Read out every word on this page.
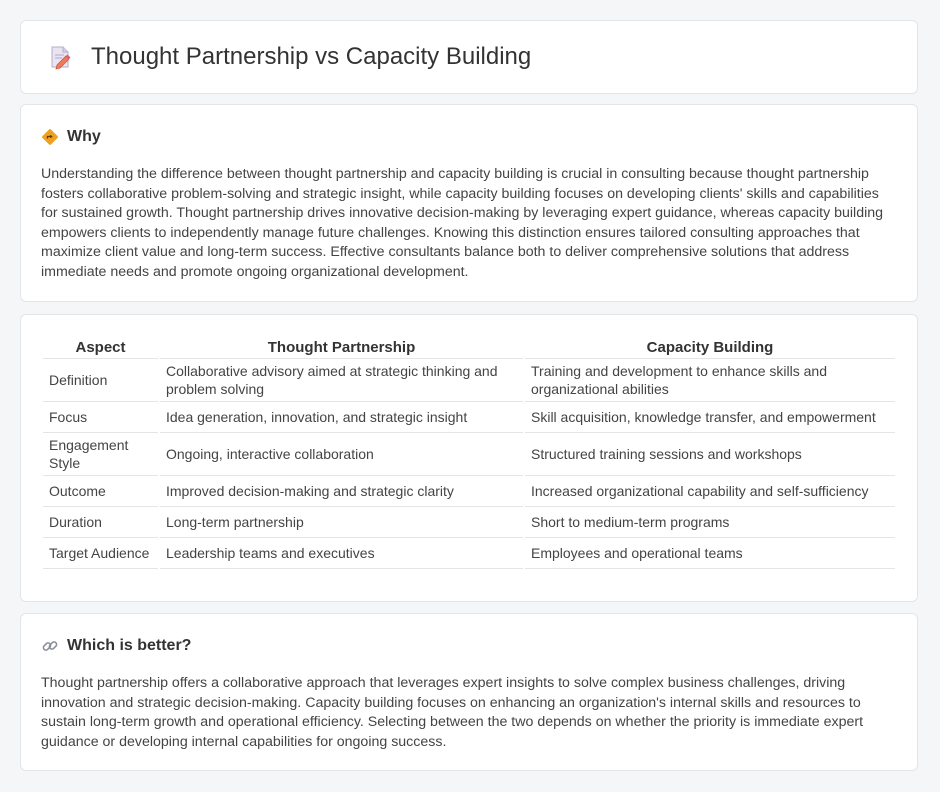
Thought Partnership vs Capacity Building
Why

Understanding the difference between thought partnership and capacity building is crucial in consulting because thought partnership fosters collaborative problem-solving and strategic insight, while capacity building focuses on developing clients' skills and capabilities for sustained growth. Thought partnership drives innovative decision-making by leveraging expert guidance, whereas capacity building empowers clients to independently manage future challenges. Knowing this distinction ensures tailored consulting approaches that maximize client value and long-term success. Effective consultants balance both to deliver comprehensive solutions that address immediate needs and promote ongoing organizational development.

Aspect	Thought Partnership	Capacity Building
Definition	Collaborative advisory aimed at strategic thinking and problem solving	Training and development to enhance skills and organizational abilities
Focus	Idea generation, innovation, and strategic insight	Skill acquisition, knowledge transfer, and empowerment
Engagement Style	Ongoing, interactive collaboration	Structured training sessions and workshops
Outcome	Improved decision-making and strategic clarity	Increased organizational capability and self-sufficiency
Duration	Long-term partnership	Short to medium-term programs
Target Audience	Leadership teams and executives	Employees and operational teams
Which is better?

Thought partnership offers a collaborative approach that leverages expert insights to solve complex business challenges, driving innovation and strategic decision-making. Capacity building focuses on enhancing an organization's internal skills and resources to sustain long-term growth and operational efficiency. Selecting between the two depends on whether the priority is immediate expert guidance or developing internal capabilities for ongoing success.
